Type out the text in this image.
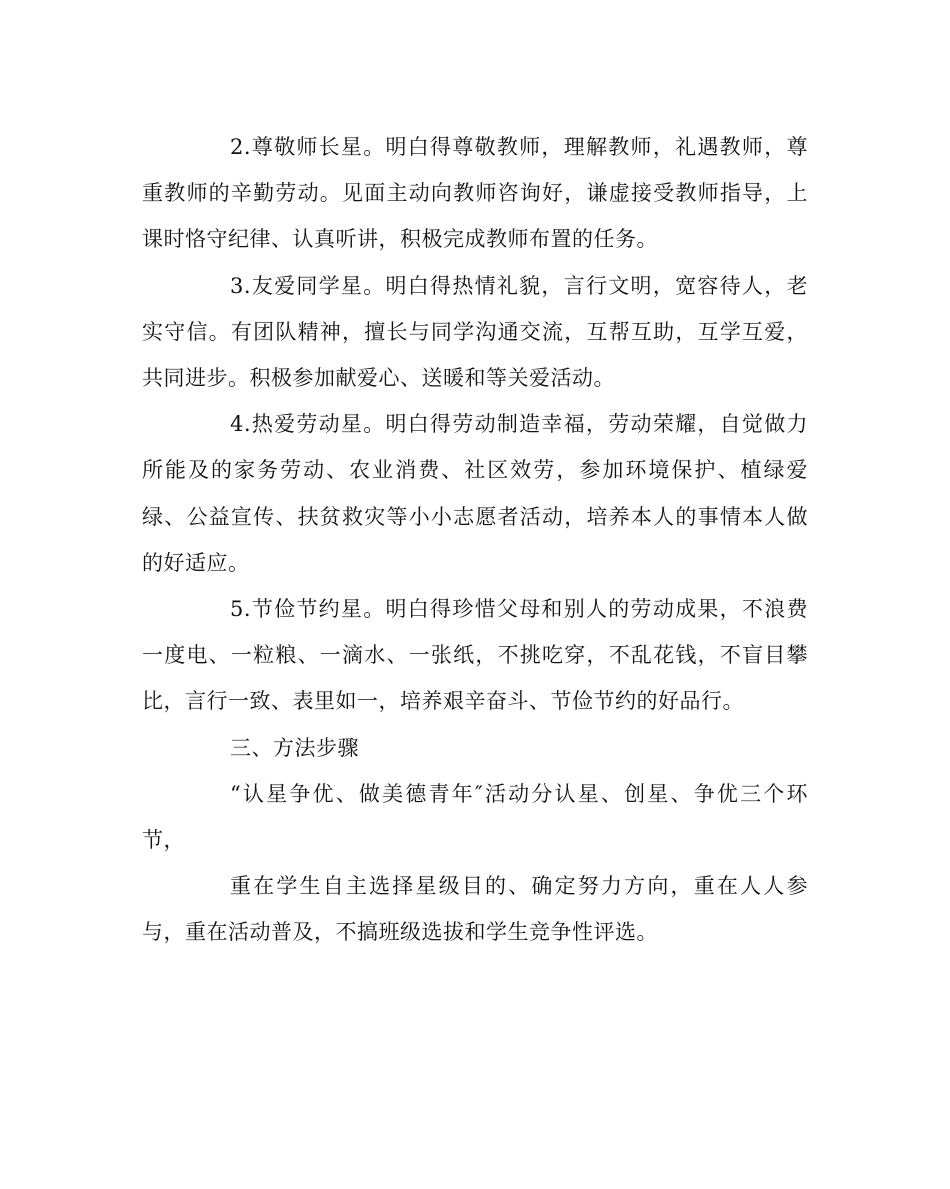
2.尊敬师长星。明白得尊敬教师，理解教师，礼遇教师，尊重教师的辛勤劳动。见面主动向教师咨询好，谦虚接受教师指导，上课时恪守纪律、认真听讲，积极完成教师布置的任务。

3.友爱同学星。明白得热情礼貌，言行文明，宽容待人，老实守信。有团队精神，擅长与同学沟通交流，互帮互助，互学互爱，共同进步。积极参加献爱心、送暖和等关爱活动。

4.热爱劳动星。明白得劳动制造幸福，劳动荣耀，自觉做力所能及的家务劳动、农业消费、社区效劳，参加环境保护、植绿爱绿、公益宣传、扶贫救灾等小小志愿者活动，培养本人的事情本人做的好适应。

5.节俭节约星。明白得珍惜父母和别人的劳动成果，不浪费一度电、一粒粮、一滴水、一张纸，不挑吃穿，不乱花钱，不盲目攀比，言行一致、表里如一，培养艰辛奋斗、节俭节约的好品行。

三、方法步骤

“认星争优、做美德青年″活动分认星、创星、争优三个环节，

重在学生自主选择星级目的、确定努力方向，重在人人参与，重在活动普及，不搞班级选拔和学生竞争性评选。
